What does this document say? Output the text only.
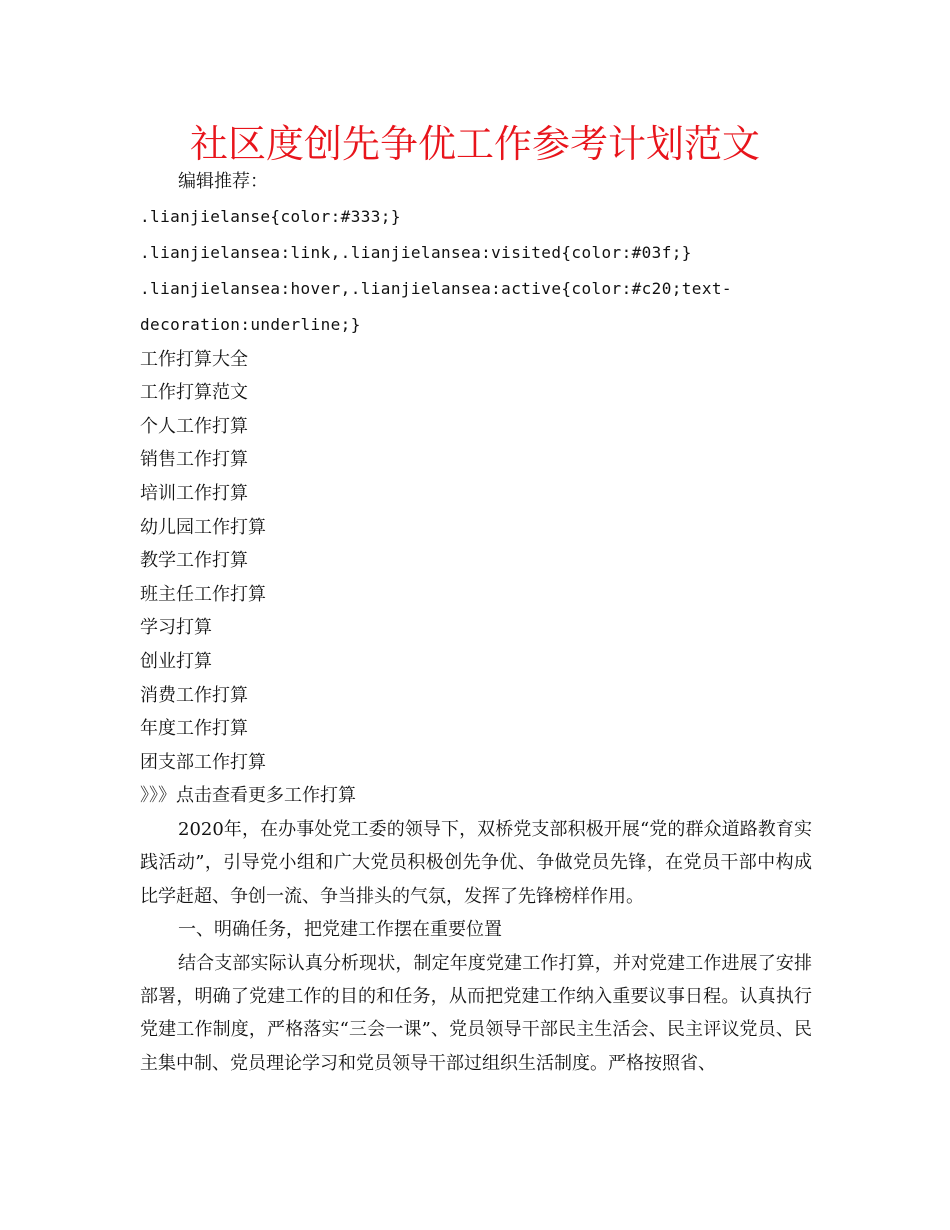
社区度创先争优工作参考计划范文
编辑推荐：
.lianjielanse{color:#333;}
.lianjielansea:link,.lianjielansea:visited{color:#03f;}
.lianjielansea:hover,.lianjielansea:active{color:#c20;text-
decoration:underline;}
工作打算大全
工作打算范文
个人工作打算
销售工作打算
培训工作打算
幼儿园工作打算
教学工作打算
班主任工作打算
学习打算
创业打算
消费工作打算
年度工作打算
团支部工作打算
》》》点击查看更多工作打算

2020年，在办事处党工委的领导下，双桥党支部积极开展“党的群众道路教育实践活动”，引导党小组和广大党员积极创先争优、争做党员先锋，在党员干部中构成比学赶超、争创一流、争当排头的气氛，发挥了先锋榜样作用。

一、明确任务，把党建工作摆在重要位置

结合支部实际认真分析现状，制定年度党建工作打算，并对党建工作进展了安排部署，明确了党建工作的目的和任务，从而把党建工作纳入重要议事日程。认真执行党建工作制度，严格落实“三会一课”、党员领导干部民主生活会、民主评议党员、民主集中制、党员理论学习和党员领导干部过组织生活制度。严格按照省、
